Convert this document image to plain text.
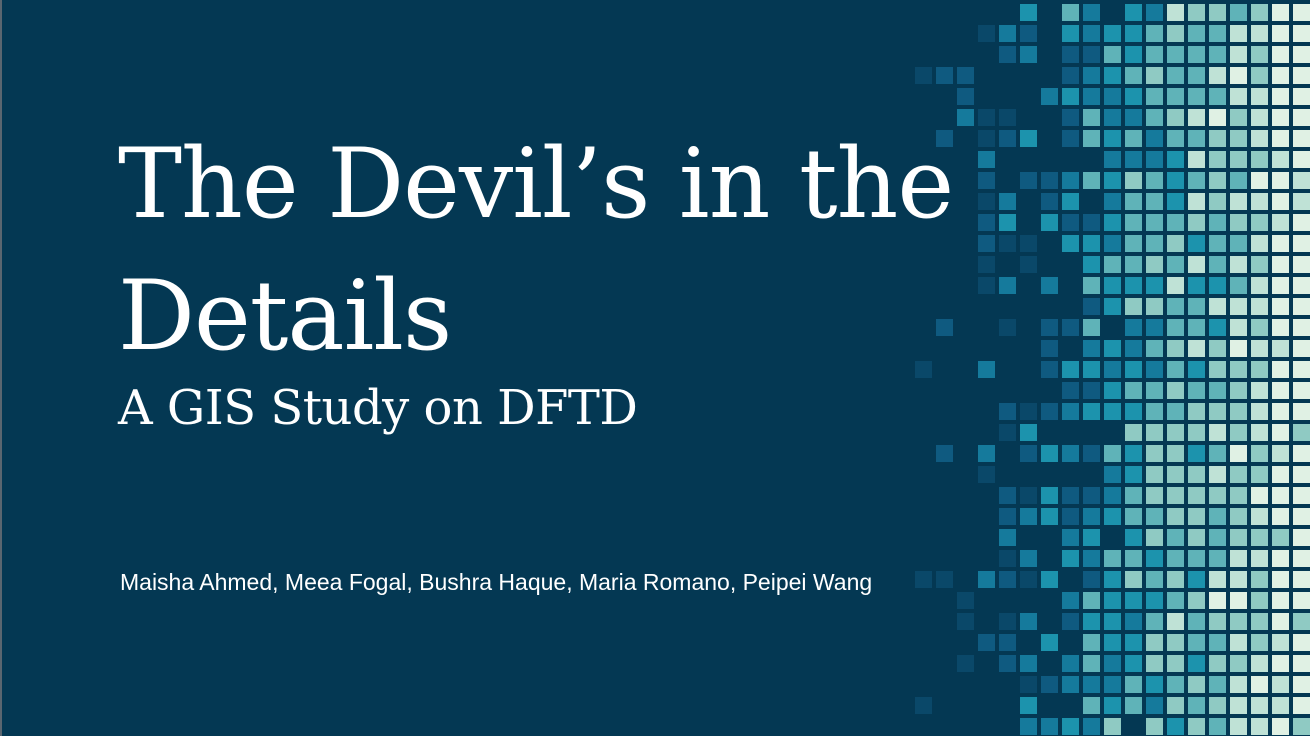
The Devil’s in the Details
A GIS Study on DFTD

Maisha Ahmed, Meea Fogal, Bushra Haque, Maria Romano, Peipei Wang
